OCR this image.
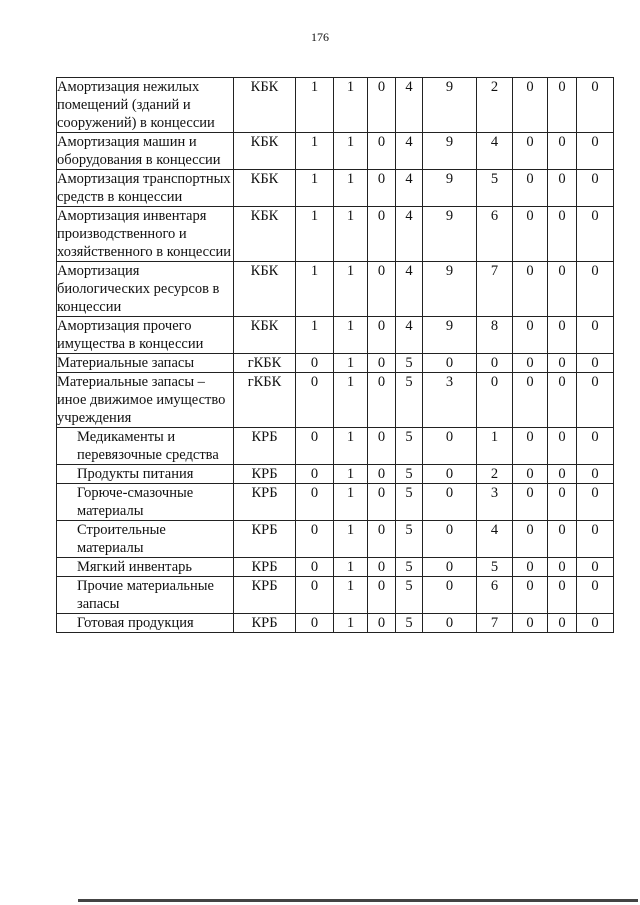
176
Амортизация нежилых помещений (зданий и сооружений) в концессии	КБК	1	1	0	4	9	2	0	0	0
Амортизация машин и оборудования в концессии	КБК	1	1	0	4	9	4	0	0	0
Амортизация транспортных средств в концессии	КБК	1	1	0	4	9	5	0	0	0
Амортизация инвентаря производственного и хозяйственного в концессии	КБК	1	1	0	4	9	6	0	0	0
Амортизация биологических ресурсов в концессии	КБК	1	1	0	4	9	7	0	0	0
Амортизация прочего имущества в концессии	КБК	1	1	0	4	9	8	0	0	0
Материальные запасы	гКБК	0	1	0	5	0	0	0	0	0
Материальные запасы – иное движимое имущество учреждения	гКБК	0	1	0	5	3	0	0	0	0
Медикаменты и перевязочные средства	КРБ	0	1	0	5	0	1	0	0	0
Продукты питания	КРБ	0	1	0	5	0	2	0	0	0
Горюче-смазочные материалы	КРБ	0	1	0	5	0	3	0	0	0
Строительные материалы	КРБ	0	1	0	5	0	4	0	0	0
Мягкий инвентарь	КРБ	0	1	0	5	0	5	0	0	0
Прочие материальные запасы	КРБ	0	1	0	5	0	6	0	0	0
Готовая продукция	КРБ	0	1	0	5	0	7	0	0	0
